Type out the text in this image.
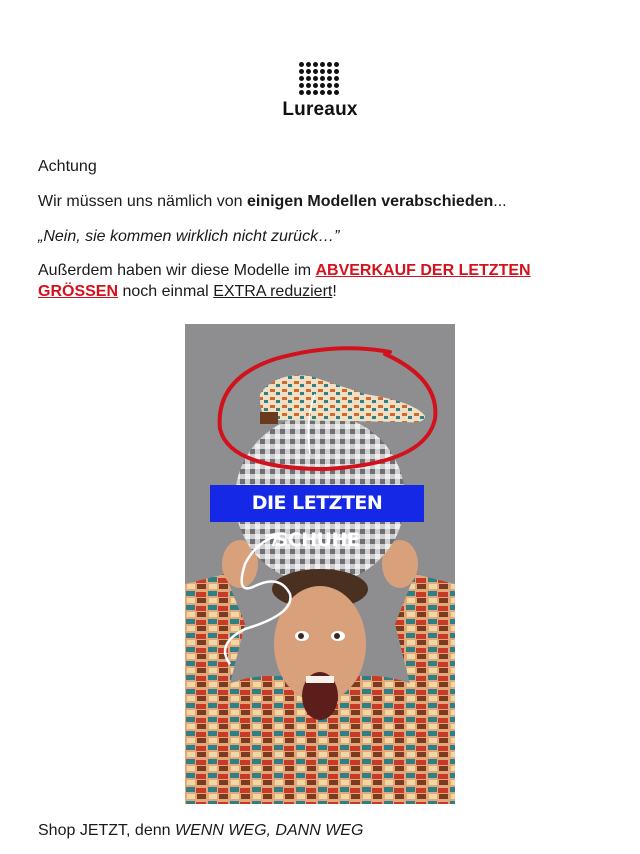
Lureaux
Achtung
Wir müssen uns nämlich von einigen Modellen verabschieden...
„Nein, sie kommen wirklich nicht zurück…”
Außerdem haben wir diese Modelle im ABVERKAUF DER LETZTEN GRÖSSEN noch einmal EXTRA reduziert!
DIE LETZTEN SCHUHE
Shop JETZT, denn WENN WEG, DANN WEG
